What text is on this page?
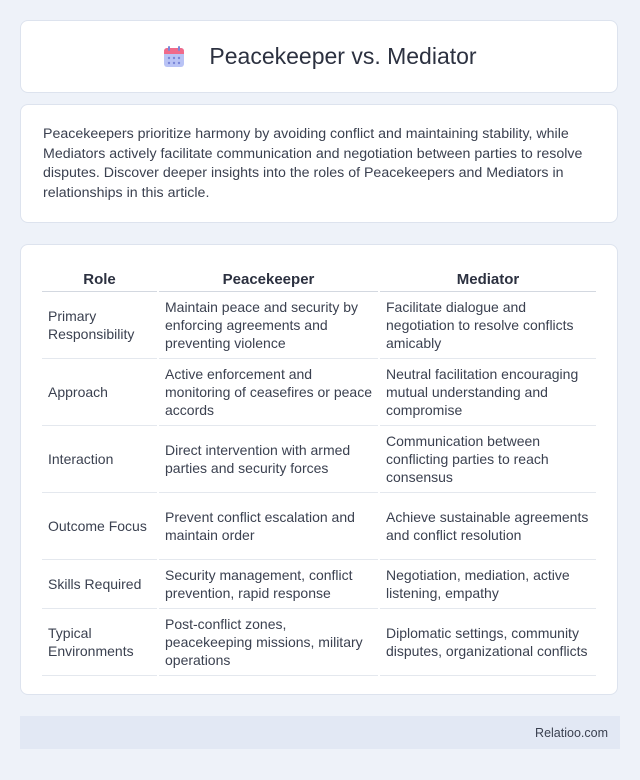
Peacekeeper vs. Mediator

Peacekeepers prioritize harmony by avoiding conflict and maintaining stability, while Mediators actively facilitate communication and negotiation between parties to resolve disputes. Discover deeper insights into the roles of Peacekeepers and Mediators in relationships in this article.

Role	Peacekeeper	Mediator
Primary Responsibility	Maintain peace and security by enforcing agreements and preventing violence	Facilitate dialogue and negotiation to resolve conflicts amicably
Approach	Active enforcement and monitoring of ceasefires or peace accords	Neutral facilitation encouraging mutual understanding and compromise
Interaction	Direct intervention with armed parties and security forces	Communication between conflicting parties to reach consensus
Outcome Focus	Prevent conflict escalation and maintain order	Achieve sustainable agreements and conflict resolution
Skills Required	Security management, conflict prevention, rapid response	Negotiation, mediation, active listening, empathy
Typical Environments	Post-conflict zones, peacekeeping missions, military operations	Diplomatic settings, community disputes, organizational conflicts
Relatioo.com
